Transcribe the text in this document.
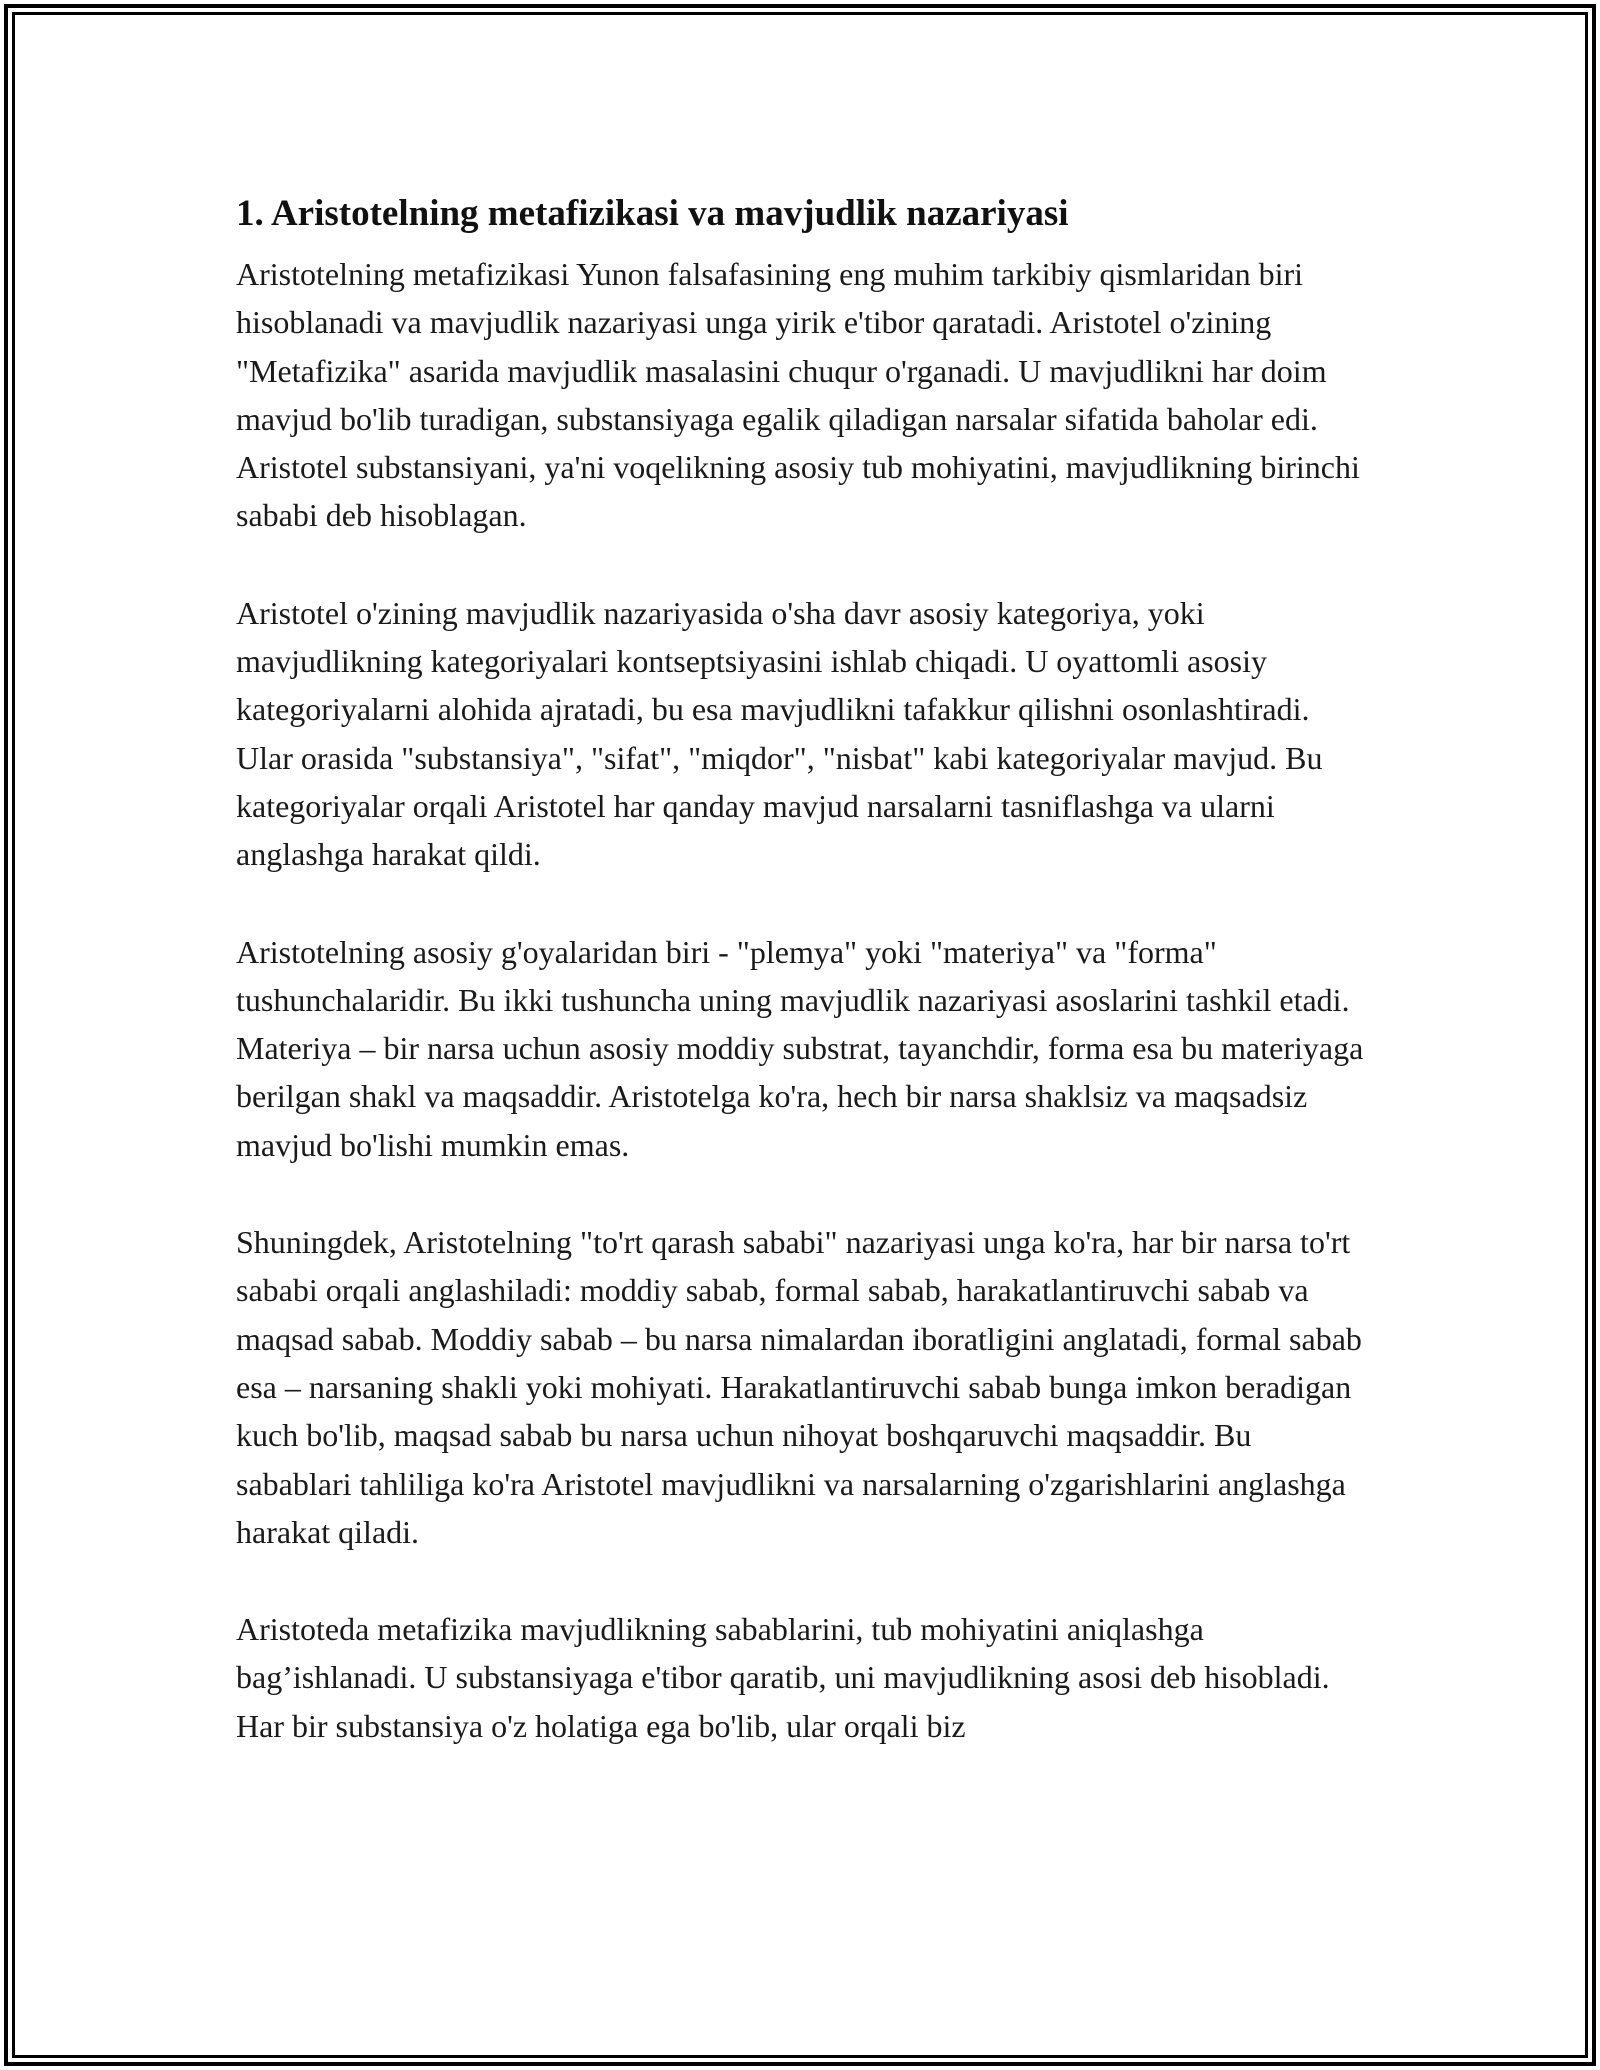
1. Aristotelning metafizikasi va mavjudlik nazariyasi

Aristotelning metafizikasi Yunon falsafasining eng muhim tarkibiy qismlaridan biri hisoblanadi va mavjudlik nazariyasi unga yirik e'tibor qaratadi. Aristotel o'zining "Metafizika" asarida mavjudlik masalasini chuqur o'rganadi. U mavjudlikni har doim mavjud bo'lib turadigan, substansiyaga egalik qiladigan narsalar sifatida baholar edi. Aristotel substansiyani, ya'ni voqelikning asosiy tub mohiyatini, mavjudlikning birinchi sababi deb hisoblagan.

Aristotel o'zining mavjudlik nazariyasida o'sha davr asosiy kategoriya, yoki mavjudlikning kategoriyalari kontseptsiyasini ishlab chiqadi. U oyattomli asosiy kategoriyalarni alohida ajratadi, bu esa mavjudlikni tafakkur qilishni osonlashtiradi. Ular orasida "substansiya", "sifat", "miqdor", "nisbat" kabi kategoriyalar mavjud. Bu kategoriyalar orqali Aristotel har qanday mavjud narsalarni tasniflashga va ularni anglashga harakat qildi.

Aristotelning asosiy g'oyalaridan biri - "plemya" yoki "materiya" va "forma" tushunchalaridir. Bu ikki tushuncha uning mavjudlik nazariyasi asoslarini tashkil etadi. Materiya – bir narsa uchun asosiy moddiy substrat, tayanchdir, forma esa bu materiyaga berilgan shakl va maqsaddir. Aristotelga ko'ra, hech bir narsa shaklsiz va maqsadsiz mavjud bo'lishi mumkin emas.

Shuningdek, Aristotelning "to'rt qarash sababi" nazariyasi unga ko'ra, har bir narsa to'rt sababi orqali anglashiladi: moddiy sabab, formal sabab, harakatlantiruvchi sabab va maqsad sabab. Moddiy sabab – bu narsa nimalardan iboratligini anglatadi, formal sabab esa – narsaning shakli yoki mohiyati. Harakatlantiruvchi sabab bunga imkon beradigan kuch bo'lib, maqsad sabab bu narsa uchun nihoyat boshqaruvchi maqsaddir. Bu sabablari tahliliga ko'ra Aristotel mavjudlikni va narsalarning o'zgarishlarini anglashga harakat qiladi.

Aristoteda metafizika mavjudlikning sabablarini, tub mohiyatini aniqlashga bag’ishlanadi. U substansiyaga e'tibor qaratib, uni mavjudlikning asosi deb hisobladi. Har bir substansiya o'z holatiga ega bo'lib, ular orqali biz
